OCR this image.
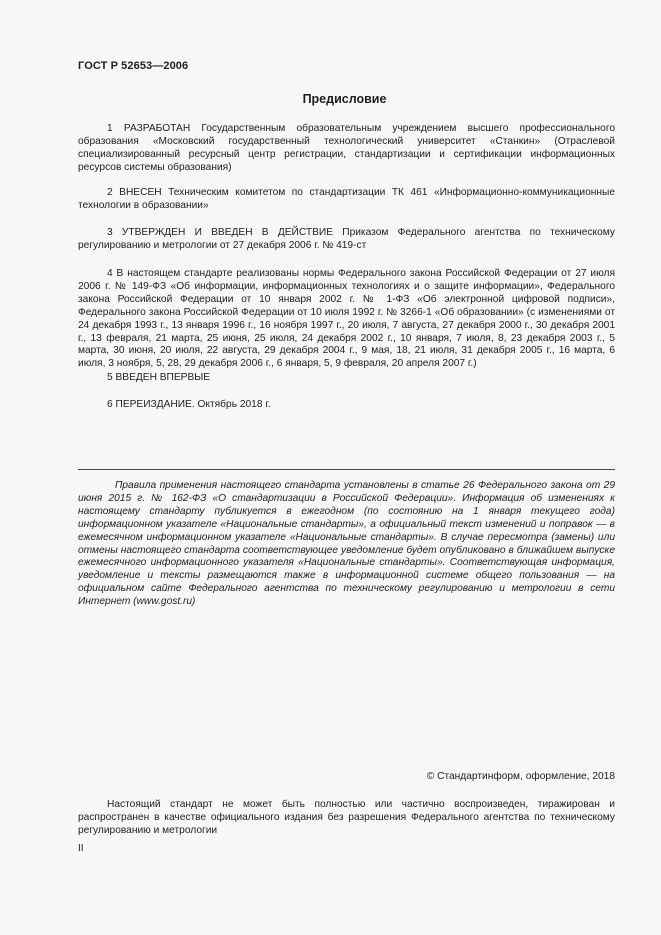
ГОСТ Р 52653—2006
Предисловие

1 РАЗРАБОТАН Государственным образовательным учреждением высшего профессионального образования «Московский государственный технологический университет «Станкин» (Отраслевой специализированный ресурсный центр регистрации, стандартизации и сертификации информационных ресурсов системы образования)

2 ВНЕСЕН Техническим комитетом по стандартизации ТК 461 «Информационно-коммуникационные технологии в образовании»

3 УТВЕРЖДЕН И ВВЕДЕН В ДЕЙСТВИЕ Приказом Федерального агентства по техническому регулированию и метрологии от 27 декабря 2006 г. № 419-ст

4 В настоящем стандарте реализованы нормы Федерального закона Российской Федерации от 27 июля 2006 г. № 149-ФЗ «Об информации, информационных технологиях и о защите информации», Федерального закона Российской Федерации от 10 января 2002 г. № 1-ФЗ «Об электронной цифровой подписи», Федерального закона Российской Федерации от 10 июля 1992 г. № 3266-1 «Об образовании» (с изменениями от 24 декабря 1993 г., 13 января 1996 г., 16 ноября 1997 г., 20 июля, 7 августа, 27 декабря 2000 г., 30 декабря 2001 г., 13 февраля, 21 марта, 25 июня, 25 июля, 24 декабря 2002 г., 10 января, 7 июля, 8, 23 декабря 2003 г., 5 марта, 30 июня, 20 июля, 22 августа, 29 декабря 2004 г., 9 мая, 18, 21 июля, 31 декабря 2005 г., 16 марта, 6 июля, 3 ноября, 5, 28, 29 декабря 2006 г., 6 января, 5, 9 февраля, 20 апреля 2007 г.)

5 ВВЕДЕН ВПЕРВЫЕ

6 ПЕРЕИЗДАНИЕ. Октябрь 2018 г.

Правила применения настоящего стандарта установлены в статье 26 Федерального закона от 29 июня 2015 г. № 162-ФЗ «О стандартизации в Российской Федерации». Информация об изменениях к настоящему стандарту публикуется в ежегодном (по состоянию на 1 января текущего года) информационном указателе «Национальные стандарты», а официальный текст изменений и поправок — в ежемесячном информационном указателе «Национальные стандарты». В случае пересмотра (замены) или отмены настоящего стандарта соответствующее уведомление будет опубликовано в ближайшем выпуске ежемесячного информационного указателя «Национальные стандарты». Соответствующая информация, уведомление и тексты размещаются также в информационной системе общего пользования — на официальном сайте Федерального агентства по техническому регулированию и метрологии в сети Интернет (www.gost.ru)

© Стандартинформ, оформление, 2018

Настоящий стандарт не может быть полностью или частично воспроизведен, тиражирован и распространен в качестве официального издания без разрешения Федерального агентства по техническому регулированию и метрологии

II
